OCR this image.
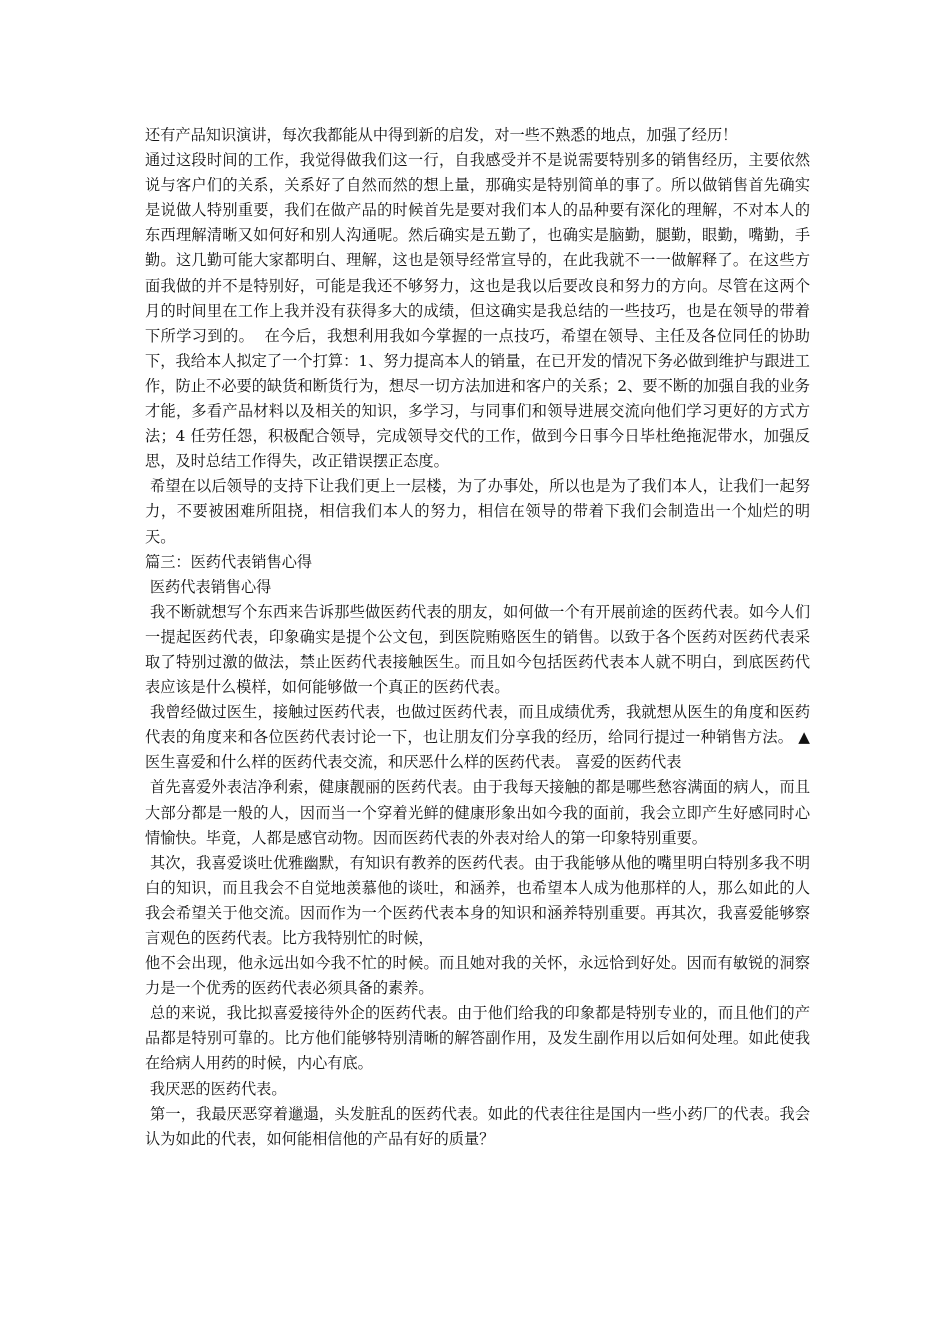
还有产品知识演讲，每次我都能从中得到新的启发，对一些不熟悉的地点，加强了经历！

通过这段时间的工作，我觉得做我们这一行，自我感受并不是说需要特别多的销售经历，主要依然说与客户们的关系，关系好了自然而然的想上量，那确实是特别简单的事了。所以做销售首先确实是说做人特别重要，我们在做产品的时候首先是要对我们本人的品种要有深化的理解，不对本人的东西理解清晰又如何好和别人沟通呢。然后确实是五勤了，也确实是脑勤，腿勤，眼勤，嘴勤，手勤。这几勤可能大家都明白、理解，这也是领导经常宣导的，在此我就不一一做解释了。在这些方面我做的并不是特别好，可能是我还不够努力，这也是我以后要改良和努力的方向。尽管在这两个月的时间里在工作上我并没有获得多大的成绩，但这确实是我总结的一些技巧，也是在领导的带着下所学习到的。  在今后，我想利用我如今掌握的一点技巧，希望在领导、主任及各位同任的协助下，我给本人拟定了一个打算：1、努力提高本人的销量，在已开发的情况下务必做到维护与跟进工作，防止不必要的缺货和断货行为，想尽一切方法加进和客户的关系；2、要不断的加强自我的业务才能，多看产品材料以及相关的知识，多学习，与同事们和领导进展交流向他们学习更好的方式方法；4 任劳任怨，积极配合领导，完成领导交代的工作，做到今日事今日毕杜绝拖泥带水，加强反思，及时总结工作得失，改正错误摆正态度。

希望在以后领导的支持下让我们更上一层楼，为了办事处，所以也是为了我们本人，让我们一起努力，不要被困难所阻挠，相信我们本人的努力，相信在领导的带着下我们会制造出一个灿烂的明天。

篇三：医药代表销售心得

医药代表销售心得

我不断就想写个东西来告诉那些做医药代表的朋友，如何做一个有开展前途的医药代表。如今人们一提起医药代表，印象确实是提个公文包，到医院贿赂医生的销售。以致于各个医药对医药代表采取了特别过激的做法，禁止医药代表接触医生。而且如今包括医药代表本人就不明白，到底医药代表应该是什么模样，如何能够做一个真正的医药代表。

我曾经做过医生，接触过医药代表，也做过医药代表，而且成绩优秀，我就想从医生的角度和医药代表的角度来和各位医药代表讨论一下，也让朋友们分享我的经历，给同行提过一种销售方法。 ▲医生喜爱和什么样的医药代表交流，和厌恶什么样的医药代表。 喜爱的医药代表

首先喜爱外表洁净利索，健康靓丽的医药代表。由于我每天接触的都是哪些愁容满面的病人，而且大部分都是一般的人，因而当一个穿着光鲜的健康形象出如今我的面前，我会立即产生好感同时心情愉快。毕竟，人都是感官动物。因而医药代表的外表对给人的第一印象特别重要。

其次，我喜爱谈吐优雅幽默，有知识有教养的医药代表。由于我能够从他的嘴里明白特别多我不明白的知识，而且我会不自觉地羡慕他的谈吐，和涵养，也希望本人成为他那样的人，那么如此的人我会希望关于他交流。因而作为一个医药代表本身的知识和涵养特别重要。再其次，我喜爱能够察言观色的医药代表。比方我特别忙的时候，

他不会出现，他永远出如今我不忙的时候。而且她对我的关怀，永远恰到好处。因而有敏锐的洞察力是一个优秀的医药代表必须具备的素养。

总的来说，我比拟喜爱接待外企的医药代表。由于他们给我的印象都是特别专业的，而且他们的产品都是特别可靠的。比方他们能够特别清晰的解答副作用，及发生副作用以后如何处理。如此使我在给病人用药的时候，内心有底。

我厌恶的医药代表。

第一，我最厌恶穿着邋遢，头发脏乱的医药代表。如此的代表往往是国内一些小药厂的代表。我会认为如此的代表，如何能相信他的产品有好的质量？
